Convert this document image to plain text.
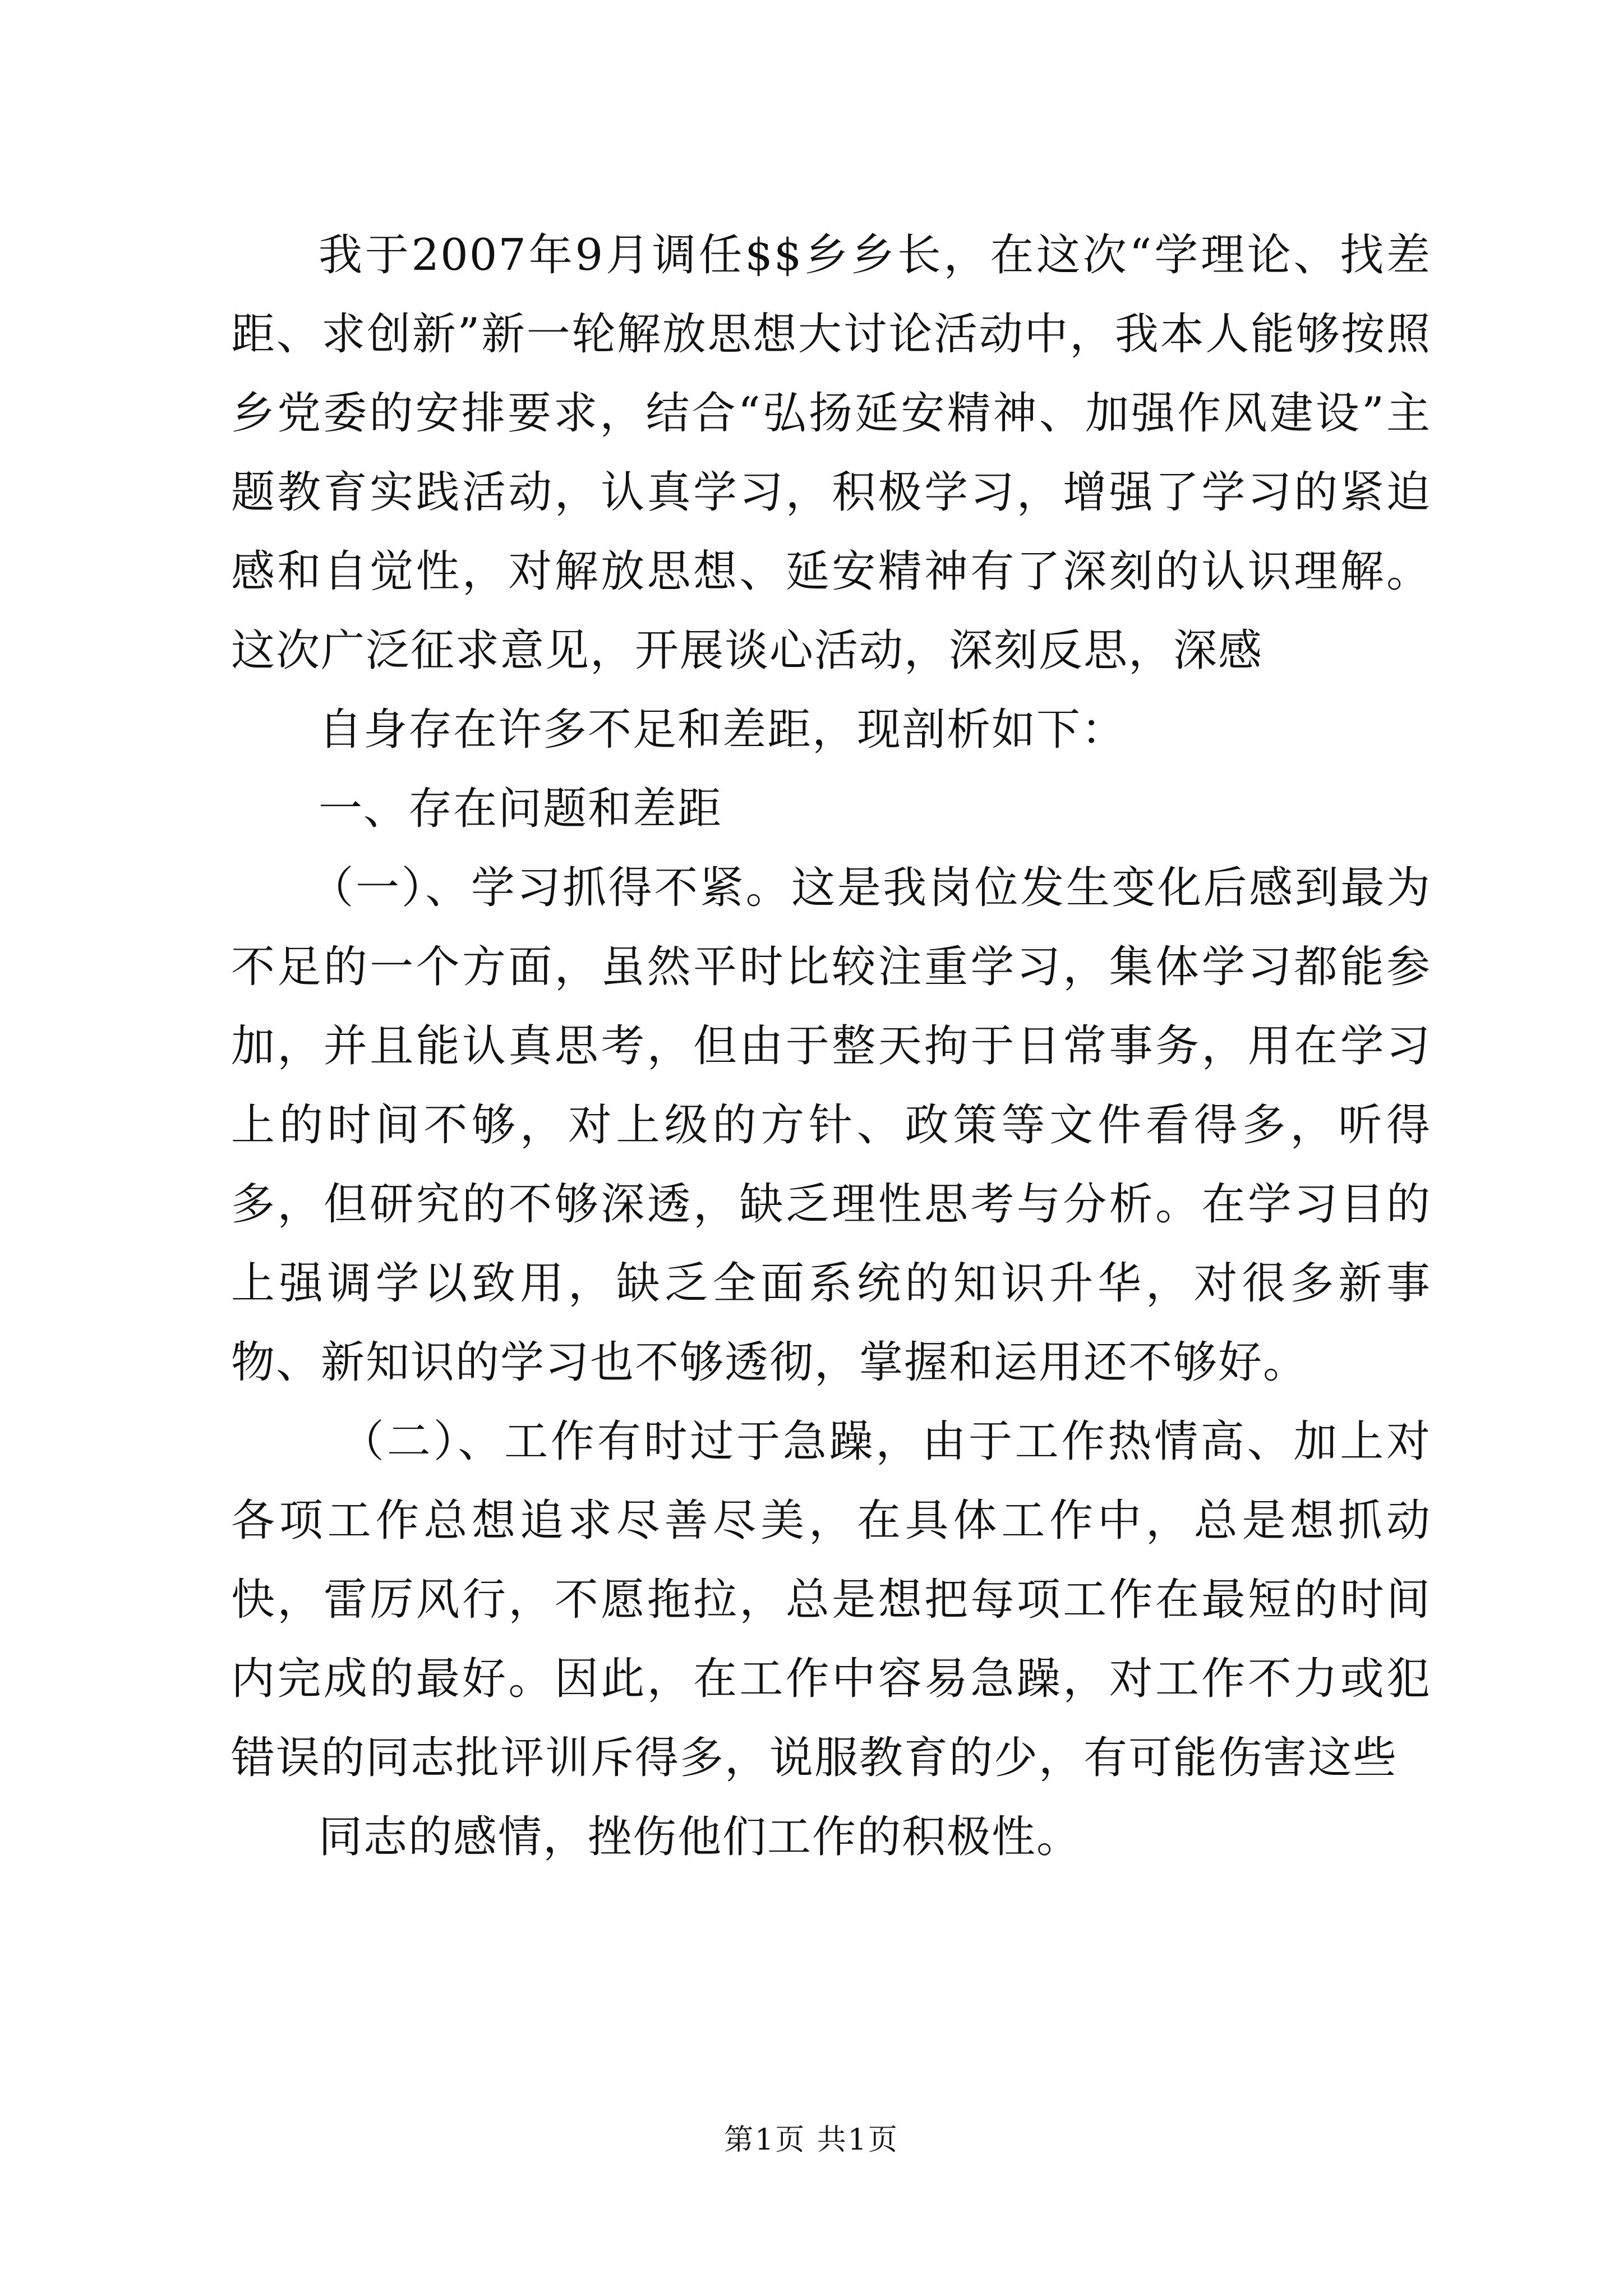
我于2007年9月调任$$乡乡长，在这次“学理论、找差距、求创新”新一轮解放思想大讨论活动中，我本人能够按照乡党委的安排要求，结合“弘扬延安精神、加强作风建设”主题教育实践活动，认真学习，积极学习，增强了学习的紧迫感和自觉性，对解放思想、延安精神有了深刻的认识理解。这次广泛征求意见，开展谈心活动，深刻反思，深感

自身存在许多不足和差距，现剖析如下：

一、存在问题和差距

（一）、学习抓得不紧。这是我岗位发生变化后感到最为不足的一个方面，虽然平时比较注重学习，集体学习都能参加，并且能认真思考，但由于整天拘于日常事务，用在学习上的时间不够，对上级的方针、政策等文件看得多，听得多，但研究的不够深透，缺乏理性思考与分析。在学习目的上强调学以致用，缺乏全面系统的知识升华，对很多新事物、新知识的学习也不够透彻，掌握和运用还不够好。

（二）、工作有时过于急躁，由于工作热情高、加上对各项工作总想追求尽善尽美，在具体工作中，总是想抓动快，雷厉风行，不愿拖拉，总是想把每项工作在最短的时间内完成的最好。因此，在工作中容易急躁，对工作不力或犯错误的同志批评训斥得多，说服教育的少，有可能伤害这些

同志的感情，挫伤他们工作的积极性。

第1页 共1页
